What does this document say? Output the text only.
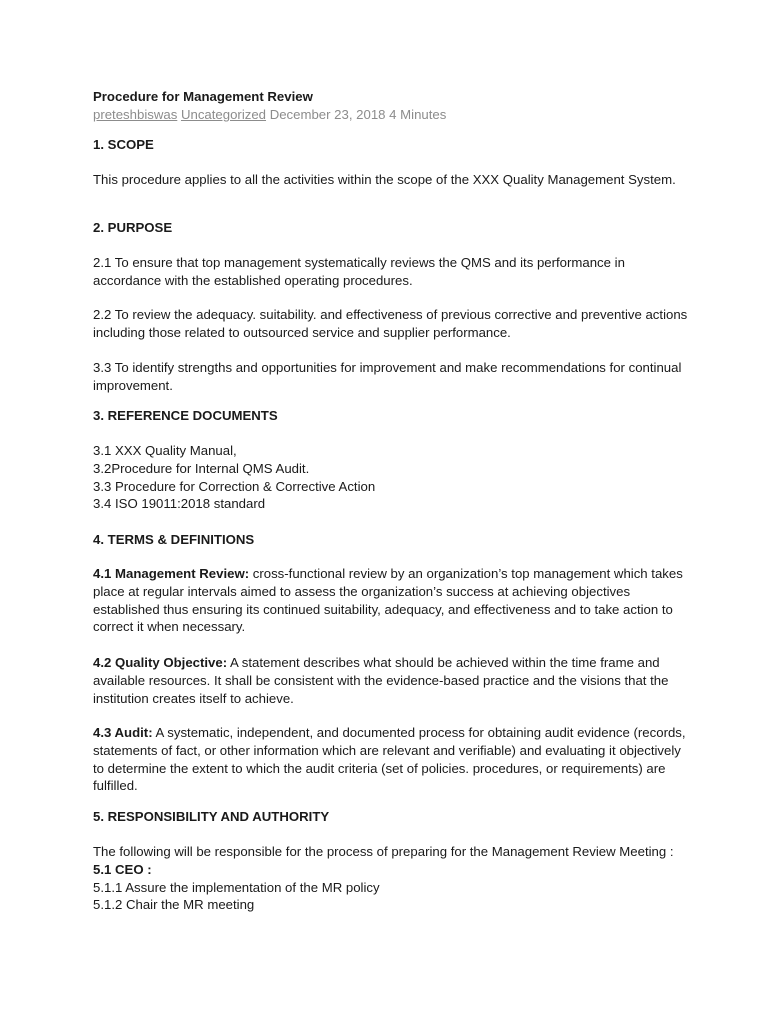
Procedure for Management Review
preteshbiswas Uncategorized December 23, 2018 4 Minutes
1. SCOPE

This procedure applies to all the activities within the scope of the XXX Quality Management System.

2. PURPOSE

2.1 To ensure that top management systematically reviews the QMS and its performance in accordance with the established operating procedures.

2.2 To review the adequacy. suitability. and effectiveness of previous corrective and preventive actions including those related to outsourced service and supplier performance.

3.3 To identify strengths and opportunities for improvement and make recommendations for continual improvement.

3. REFERENCE DOCUMENTS
3.1 XXX Quality Manual,
3.2Procedure for Internal QMS Audit.
3.3 Procedure for Correction & Corrective Action
3.4 ISO 19011:2018 standard
4. TERMS & DEFINITIONS

4.1 Management Review: cross-functional review by an organization’s top management which takes place at regular intervals aimed to assess the organization’s success at achieving objectives established thus ensuring its continued suitability, adequacy, and effectiveness and to take action to correct it when necessary.

4.2 Quality Objective: A statement describes what should be achieved within the time frame and available resources. It shall be consistent with the evidence-based practice and the visions that the institution creates itself to achieve.

4.3 Audit: A systematic, independent, and documented process for obtaining audit evidence (records, statements of fact, or other information which are relevant and verifiable) and evaluating it objectively to determine the extent to which the audit criteria (set of policies. procedures, or requirements) are fulfilled.

5. RESPONSIBILITY AND AUTHORITY
The following will be responsible for the process of preparing for the Management Review Meeting :
5.1 CEO :
5.1.1 Assure the implementation of the MR policy
5.1.2 Chair the MR meeting
